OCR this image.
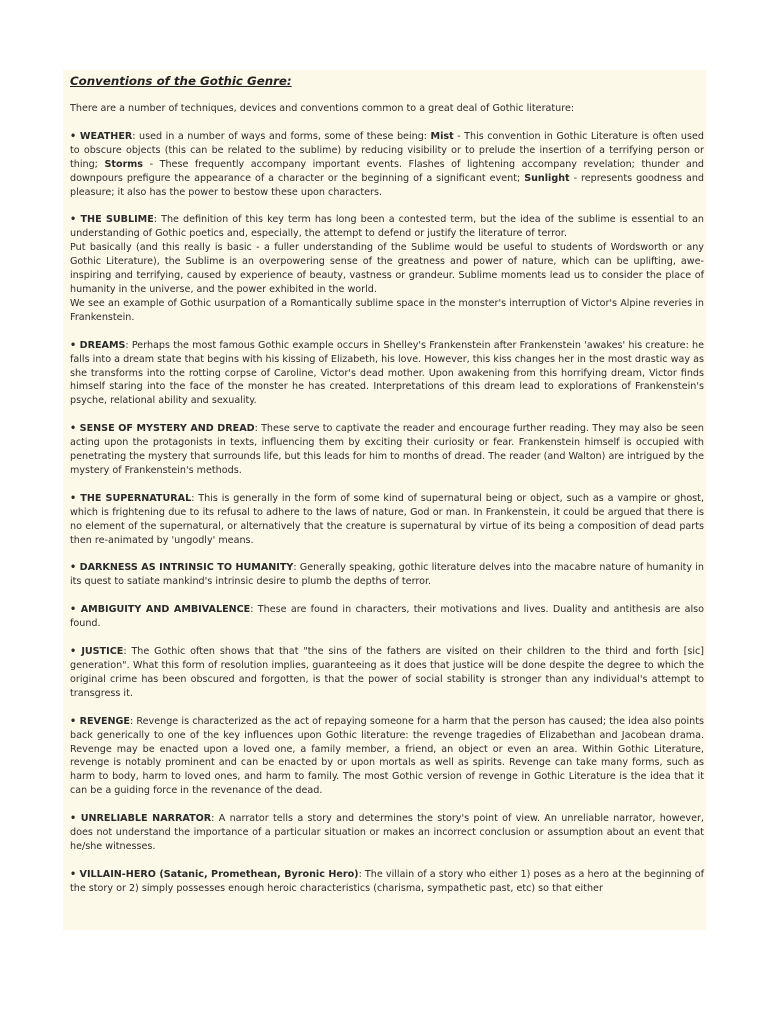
Conventions of the Gothic Genre:
There are a number of techniques, devices and conventions common to a great deal of Gothic literature:
• WEATHER: used in a number of ways and forms, some of these being: Mist - This convention in Gothic Literature is often used to obscure objects (this can be related to the sublime) by reducing visibility or to prelude the insertion of a terrifying person or thing; Storms - These frequently accompany important events. Flashes of lightening accompany revelation; thunder and downpours prefigure the appearance of a character or the beginning of a significant event; Sunlight - represents goodness and pleasure; it also has the power to bestow these upon characters.

• THE SUBLIME: The definition of this key term has long been a contested term, but the idea of the sublime is essential to an understanding of Gothic poetics and, especially, the attempt to defend or justify the literature of terror.

Put basically (and this really is basic - a fuller understanding of the Sublime would be useful to students of Wordsworth or any Gothic Literature), the Sublime is an overpowering sense of the greatness and power of nature, which can be uplifting, awe-inspiring and terrifying, caused by experience of beauty, vastness or grandeur. Sublime moments lead us to consider the place of humanity in the universe, and the power exhibited in the world.

We see an example of Gothic usurpation of a Romantically sublime space in the monster's interruption of Victor's Alpine reveries in Frankenstein.

• DREAMS: Perhaps the most famous Gothic example occurs in Shelley's Frankenstein after Frankenstein 'awakes' his creature: he falls into a dream state that begins with his kissing of Elizabeth, his love. However, this kiss changes her in the most drastic way as she transforms into the rotting corpse of Caroline, Victor's dead mother. Upon awakening from this horrifying dream, Victor finds himself staring into the face of the monster he has created. Interpretations of this dream lead to explorations of Frankenstein's psyche, relational ability and sexuality.
• SENSE OF MYSTERY AND DREAD: These serve to captivate the reader and encourage further reading. They may also be seen acting upon the protagonists in texts, influencing them by exciting their curiosity or fear. Frankenstein himself is occupied with penetrating the mystery that surrounds life, but this leads for him to months of dread. The reader (and Walton) are intrigued by the mystery of Frankenstein's methods.
• THE SUPERNATURAL: This is generally in the form of some kind of supernatural being or object, such as a vampire or ghost, which is frightening due to its refusal to adhere to the laws of nature, God or man. In Frankenstein, it could be argued that there is no element of the supernatural, or alternatively that the creature is supernatural by virtue of its being a composition of dead parts then re-animated by 'ungodly' means.
• DARKNESS AS INTRINSIC TO HUMANITY: Generally speaking, gothic literature delves into the macabre nature of humanity in its quest to satiate mankind's intrinsic desire to plumb the depths of terror.
• AMBIGUITY AND AMBIVALENCE: These are found in characters, their motivations and lives. Duality and antithesis are also found.
• JUSTICE: The Gothic often shows that that "the sins of the fathers are visited on their children to the third and forth [sic] generation". What this form of resolution implies, guaranteeing as it does that justice will be done despite the degree to which the original crime has been obscured and forgotten, is that the power of social stability is stronger than any individual's attempt to transgress it.
• REVENGE: Revenge is characterized as the act of repaying someone for a harm that the person has caused; the idea also points back generically to one of the key influences upon Gothic literature: the revenge tragedies of Elizabethan and Jacobean drama. Revenge may be enacted upon a loved one, a family member, a friend, an object or even an area. Within Gothic Literature, revenge is notably prominent and can be enacted by or upon mortals as well as spirits. Revenge can take many forms, such as harm to body, harm to loved ones, and harm to family. The most Gothic version of revenge in Gothic Literature is the idea that it can be a guiding force in the revenance of the dead.
• UNRELIABLE NARRATOR: A narrator tells a story and determines the story's point of view. An unreliable narrator, however, does not understand the importance of a particular situation or makes an incorrect conclusion or assumption about an event that he/she witnesses.
• VILLAIN-HERO (Satanic, Promethean, Byronic Hero): The villain of a story who either 1) poses as a hero at the beginning of the story or 2) simply possesses enough heroic characteristics (charisma, sympathetic past, etc) so that either
